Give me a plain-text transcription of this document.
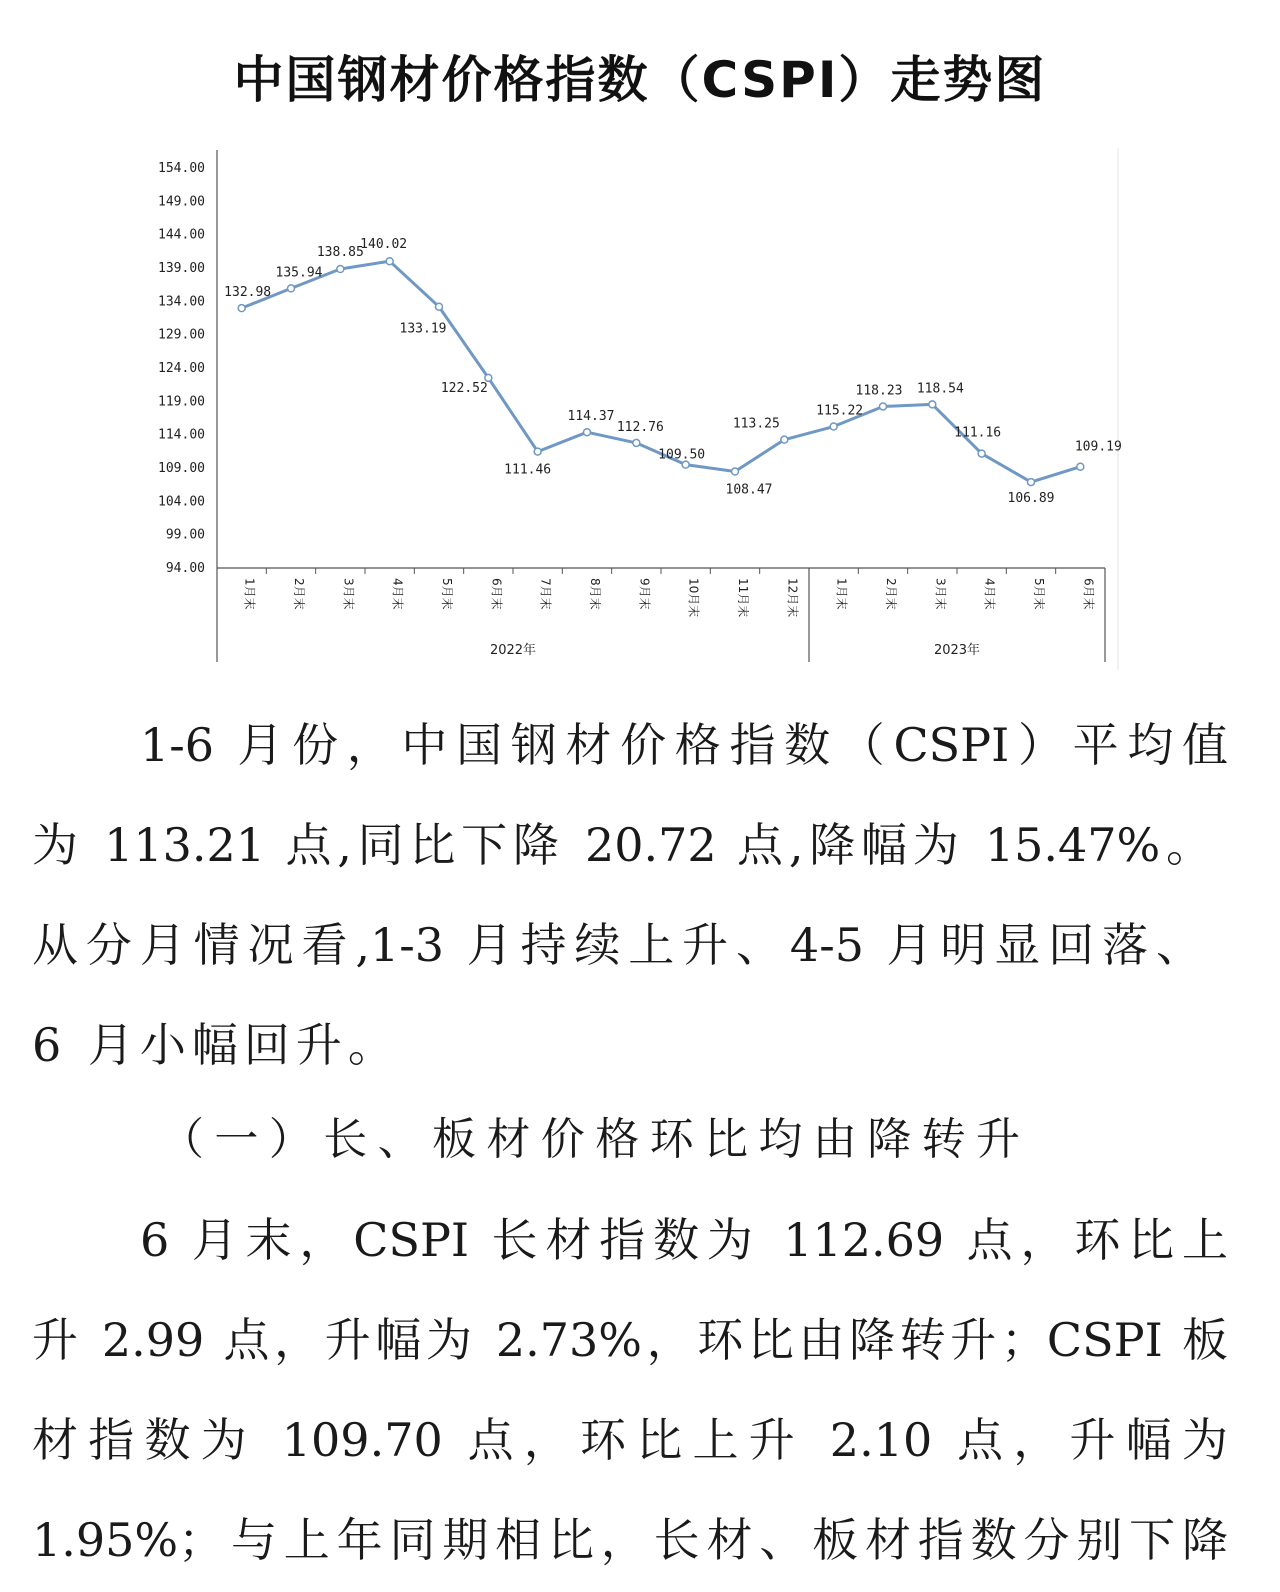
中国钢材价格指数（CSPI）走势图
154.00
149.00
144.00
139.00
134.00
129.00
124.00
119.00
114.00
109.00
104.00
99.00
94.00
2022年	2023年
1月末	2月末	3月末	4月末	5月末	6月末	7月末	8月末	9月末	10月末	11月末	12月末	1月末	2月末	3月末	4月末	5月末	6月末
132.98
135.94
138.85
140.02
133.19
122.52
111.46
114.37
112.76
109.50
108.47
115.22
118.23 118.54
111.16
106.89
109.19
113.25
1-6 月份，中国钢材价格指数（CSPI）平均值
为 113.21 点,同比下降 20.72 点,降幅为 15.47%。
从分月情况看,1-3 月持续上升、4-5 月明显回落、
6 月小幅回升。
（一）长、板材价格环比均由降转升
6 月末，CSPI 长材指数为 112.69 点，环比上
升 2.99 点，升幅为 2.73%，环比由降转升；CSPI 板
材指数为 109.70 点，环比上升 2.10 点，升幅为
1.95%；与上年同期相比，长材、板材指数分别下降
